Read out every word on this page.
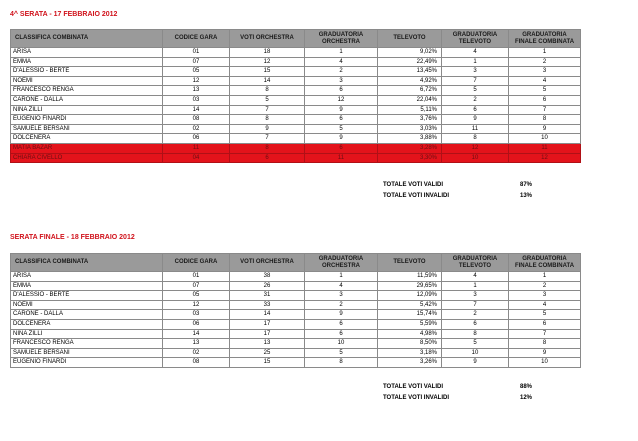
4^ SERATA - 17 FEBBRAIO 2012
CLASSIFICA COMBINATA	CODICE GARA	VOTI ORCHESTRA	GRADUATORIA ORCHESTRA	TELEVOTO	GRADUATORIA TELEVOTO	GRADUATORIA FINALE COMBINATA
ARISA	01	18	1	9,02%	4	1
EMMA	07	12	4	22,49%	1	2
D'ALESSIO - BERTÈ	05	15	2	13,45%	3	3
NOEMI	12	14	3	4,92%	7	4
FRANCESCO RENGA	13	8	6	6,72%	5	5
CARONE - DALLA	03	5	12	22,04%	2	6
NINA ZILLI	14	7	9	5,11%	6	7
EUGENIO FINARDI	08	8	6	3,76%	9	8
SAMUELE BERSANI	02	9	5	3,03%	11	9
DOLCENERA	06	7	9	3,88%	8	10
MATIA BAZAR	11	8	6	3,28%	12	11
CHIARA CIVELLO	04	6	11	3,30%	10	12
TOTALE VOTI VALIDI	87%
TOTALE VOTI INVALIDI	13%
SERATA FINALE - 18 FEBBRAIO 2012
CLASSIFICA COMBINATA	CODICE GARA	VOTI ORCHESTRA	GRADUATORIA ORCHESTRA	TELEVOTO	GRADUATORIA TELEVOTO	GRADUATORIA FINALE COMBINATA
ARISA	01	38	1	11,59%	4	1
EMMA	07	26	4	29,65%	1	2
D'ALESSIO - BERTÈ	05	31	3	12,09%	3	3
NOEMI	12	33	2	5,42%	7	4
CARONE - DALLA	03	14	9	15,74%	2	5
DOLCENERA	06	17	6	5,59%	6	6
NINA ZILLI	14	17	6	4,98%	8	7
FRANCESCO RENGA	13	13	10	8,50%	5	8
SAMUELE BERSANI	02	25	5	3,18%	10	9
EUGENIO FINARDI	08	15	8	3,26%	9	10
TOTALE VOTI VALIDI	88%
TOTALE VOTI INVALIDI	12%
